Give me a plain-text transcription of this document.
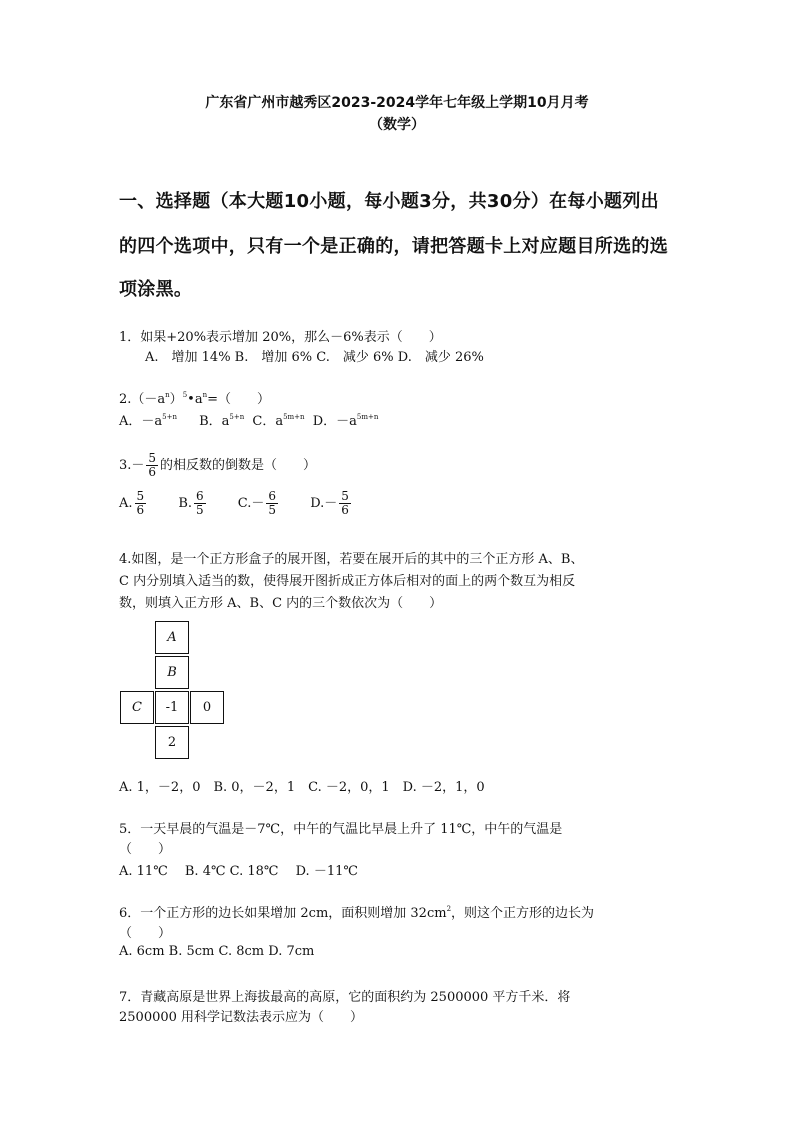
广东省广州市越秀区2023-2024学年七年级上学期10月月考
（数学）
一、选择题（本大题10小题，每小题3分，共30分）在每小题列出
的四个选项中，只有一个是正确的，请把答题卡上对应题目所选的选
项涂黑。
1．如果+20%表示增加 20%，那么－6%表示（　　）
A.　增加 14% B.　增加 6% C.　减少 6% D.　减少 26%
$2.(-a^n)^5•a^n=$（　　）
A．$-a^{5+n}$ B．$a^{5+n}$ C．$a^{5m+n}$ D．$-a^{5m+n}$
$3.- \frac{5}{6}$ 的相反数的倒数是（　　）
A. $\frac{5}{6} B$. $\frac{6}{5} C.- \frac{6}{5} D.- \frac{5}{6}$
4.如图，是一个正方形盒子的展开图，若要在展开后的其中的三个正方形 A、B、
C 内分别填入适当的数，使得展开图折成正方体后相对的面上的两个数互为相反
数，则填入正方形 A、B、C 内的三个数依次为（　　）
A
B
C	-1	0
2
A. 1，－2，0　B. 0，－2，1　C. －2，0，1　D. －2，1，0
5．一天早晨的气温是－7℃，中午的气温比早晨上升了 11℃，中午的气温是
（　　）
A. 11℃　 B. 4℃ C. 18℃　 D. －11℃
6．一个正方形的边长如果增加 2cm，面积则增加 $32cm^2$，则这个正方形的边长为
（　　）
A. 6cm B. 5cm C. 8cm D. 7cm
7．青藏高原是世界上海拔最高的高原，它的面积约为 2500000 平方千米．将
2500000 用科学记数法表示应为（　　）
